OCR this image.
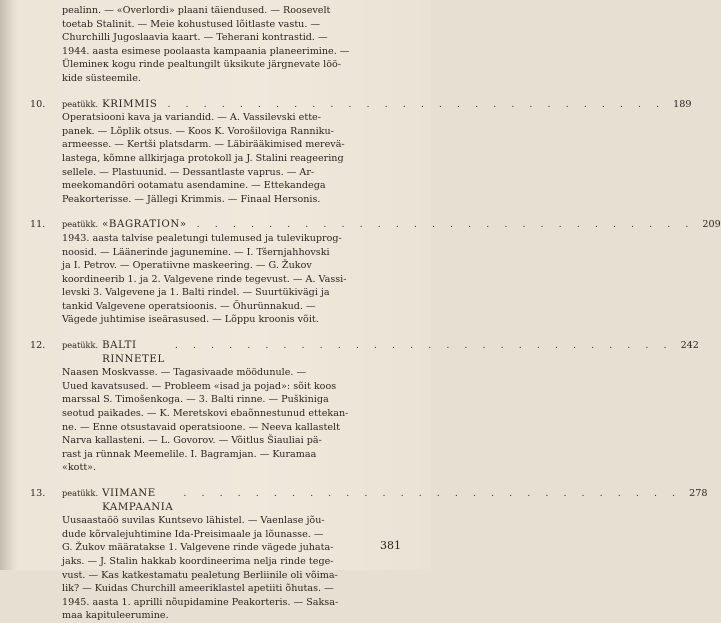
pealinn. — «Overlordi» plaani täiendused. — Roosevelt
toetab Stalinit. — Meie kohustused lõitlaste vastu. —
Churchilli Jugoslaavia kaart. — Teherani kontrastid. —
1944. aasta esimese poolaasta kampaania planeerimine. —
Ülemineк kogu rinde pealtungilt üksikute järgnevate löö-
kide süsteemile.
10.	peatükk. KRIMMIS . . . . . . . . . . . . . . . . . . . . . . . . . . . . 189
Operatsiooni kava ja variandid. — A. Vassilevski ette-
panek. — Lõplik otsus. — Koos K. Vorošiloviga Ranniku-
armeesse. — Kertši platsdarm. — Läbirääkimised merevä-
lastega, kõmne allkirjaga protokoll ja J. Stalini reageering
sellele. — Plastuunid. — Dessantlaste vaprus. — Ar-
meekomandöri ootamatu asendamine. — Ettekandega
Peakorterisse. — Jällegi Krimmis. — Finaal Hersonis.
11.	peatükk. «BAGRATION» . . . . . . . . . . . . . . . . . . . . . . . . . . . . 209
1943. aasta talvise pealetungi tulemused ja tulevikuprog-
noosid. — Läänerinde jagunemine. — I. Tšernjahhovski
ja I. Petrov. — Operatiivne maskeering. — G. Žukov
koordineerib 1. ja 2. Valgevene rinde tegevust. — A. Vassi-
levski 3. Valgevene ja 1. Balti rindel. — Suurtükivägi ja
tankid Valgevene operatsioonis. — Õhurünnakud. —
Vägede juhtimise iseärasused. — Lõppu kroonis võit.
12.	peatükk. BALTI RINNETEL
. . . . . . . . . . . . . . . . . . . . . . . . . . . . 242
Naasen Moskvasse. — Tagasivaade möödunule. —
Uued kavatsused. — Probleem «isad ja pojad»: sõit koos
marssal S. Timošenkoga. — 3. Balti rinne. — Puškiniga
seotud paikades. — K. Meretskovi ebaõnnestunud ettekan-
ne. — Enne otsustavaid operatsioone. — Neeva kallastelt
Narva kallasteni. — L. Govorov. — Võitlus Šiauliai pä-
rast ja rünnak Meemelile. I. Bagramjan. — Kuramaa
«kott».
13.	peatükk. VIIMANE KAMPAANIA
. . . . . . . . . . . . . . . . . . . . . . . . . . . . 278
Uusaastaöö suvilas Kuntsevo lähistel. — Vaenlase jõu-
dude kõrvalejuhtimine Ida-Preisimaale ja lõunasse. —
G. Žukov määratakse 1. Valgevene rinde vägede juhata-
jaks. — J. Stalin hakkab koordineerima nelja rinde tege-
vust. — Kas katkestamatu pealetung Berliinile oli võima-
lik? — Kuidas Churchill ameeriklastel apetiiti õhutas. —
1945. aasta 1. aprilli nõupidamine Peakorteris. — Saksa-
maa kapituleerumine.
381
